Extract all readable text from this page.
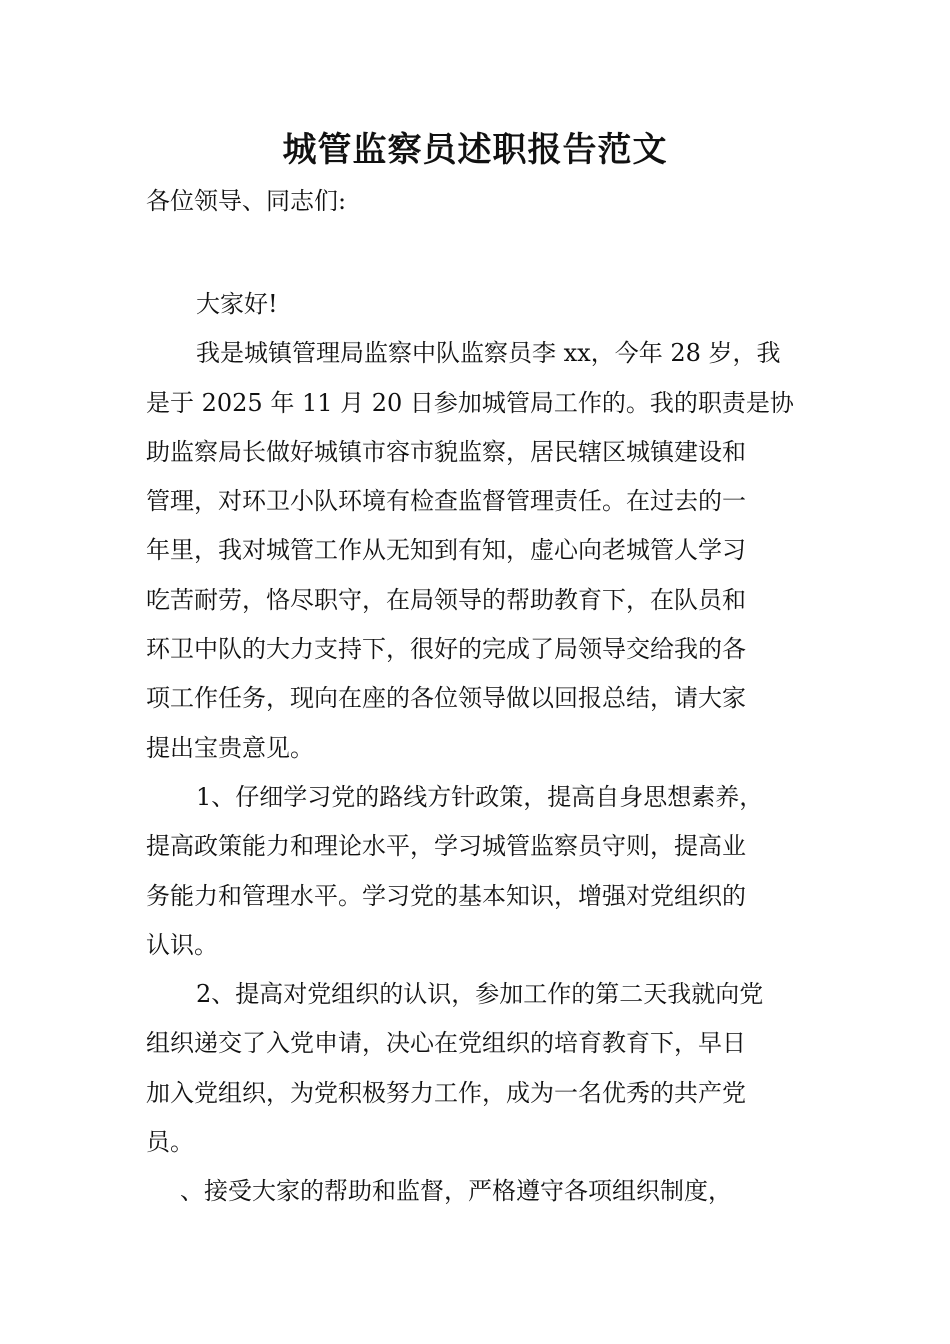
城管监察员述职报告范文
各位领导、同志们:
大家好!
我是城镇管理局监察中队监察员李 xx，今年 28 岁，我
是于 2025 年 11 月 20 日参加城管局工作的。我的职责是协
助监察局长做好城镇市容市貌监察，居民辖区城镇建设和
管理，对环卫小队环境有检查监督管理责任。在过去的一
年里，我对城管工作从无知到有知，虚心向老城管人学习
吃苦耐劳，恪尽职守，在局领导的帮助教育下，在队员和
环卫中队的大力支持下，很好的完成了局领导交给我的各
项工作任务，现向在座的各位领导做以回报总结，请大家
提出宝贵意见。
1、仔细学习党的路线方针政策，提高自身思想素养，
提高政策能力和理论水平，学习城管监察员守则，提高业
务能力和管理水平。学习党的基本知识，增强对党组织的
认识。
2、提高对党组织的认识，参加工作的第二天我就向党
组织递交了入党申请，决心在党组织的培育教育下，早日
加入党组织，为党积极努力工作，成为一名优秀的共产党
员。
、接受大家的帮助和监督，严格遵守各项组织制度，
